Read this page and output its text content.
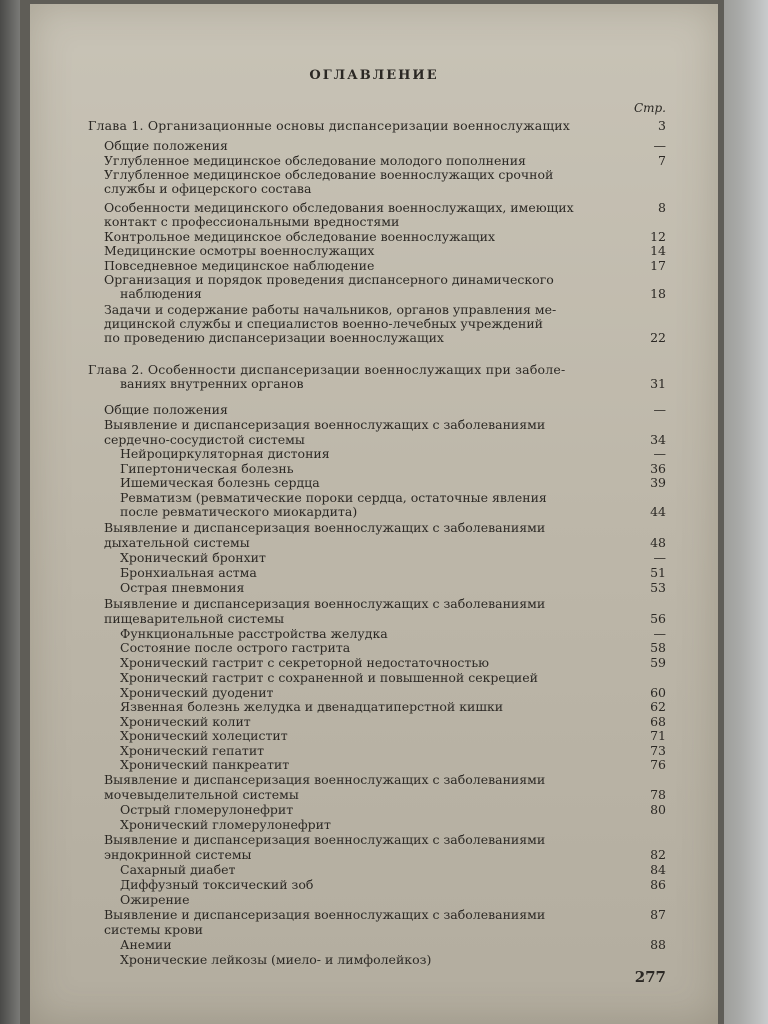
ОГЛАВЛЕНИЕ
Стр.
Глава 1. Организационные основы диспансеризации военнослужащих	3
Общие положения	—
Углубленное медицинское обследование молодого пополнения	7
Углубленное медицинское обследование военнослужащих срочной
службы и офицерского состава
Особенности медицинского обследования военнослужащих, имеющих	8
контакт с профессиональными вредностями
Контрольное медицинское обследование военнослужащих	12
Медицинские осмотры военнослужащих	14
Повседневное медицинское наблюдение	17
Организация и порядок проведения диспансерного динамического
наблюдения	18
Задачи и содержание работы начальников, органов управления ме-
дицинской службы и специалистов военно-лечебных учреждений
по проведению диспансеризации военнослужащих	22
Глава 2. Особенности диспансеризации военнослужащих при заболе-
ваниях внутренних органов	31
Общие положения	—
Выявление и диспансеризация военнослужащих с заболеваниями
сердечно-сосудистой системы	34
Нейроциркуляторная дистония	—
Гипертоническая болезнь	36
Ишемическая болезнь сердца	39
Ревматизм (ревматические пороки сердца, остаточные явления
после ревматического миокардита)	44
Выявление и диспансеризация военнослужащих с заболеваниями
дыхательной системы	48
Хронический бронхит	—
Бронхиальная астма	51
Острая пневмония	53
Выявление и диспансеризация военнослужащих с заболеваниями
пищеварительной системы	56
Функциональные расстройства желудка	—
Состояние после острого гастрита	58
Хронический гастрит с секреторной недостаточностью	59
Хронический гастрит с сохраненной и повышенной секрецией
Хронический дуоденит	60
Язвенная болезнь желудка и двенадцатиперстной кишки	62
Хронический колит	68
Хронический холецистит	71
Хронический гепатит	73
Хронический панкреатит	76
Выявление и диспансеризация военнослужащих с заболеваниями
мочевыделительной системы	78
Острый гломерулонефрит	80
Хронический гломерулонефрит
Выявление и диспансеризация военнослужащих с заболеваниями
эндокринной системы	82
Сахарный диабет	84
Диффузный токсический зоб	86
Ожирение
Выявление и диспансеризация военнослужащих с заболеваниями	87
системы крови
Анемии	88
Хронические лейкозы (миело- и лимфолейкоз)
277
